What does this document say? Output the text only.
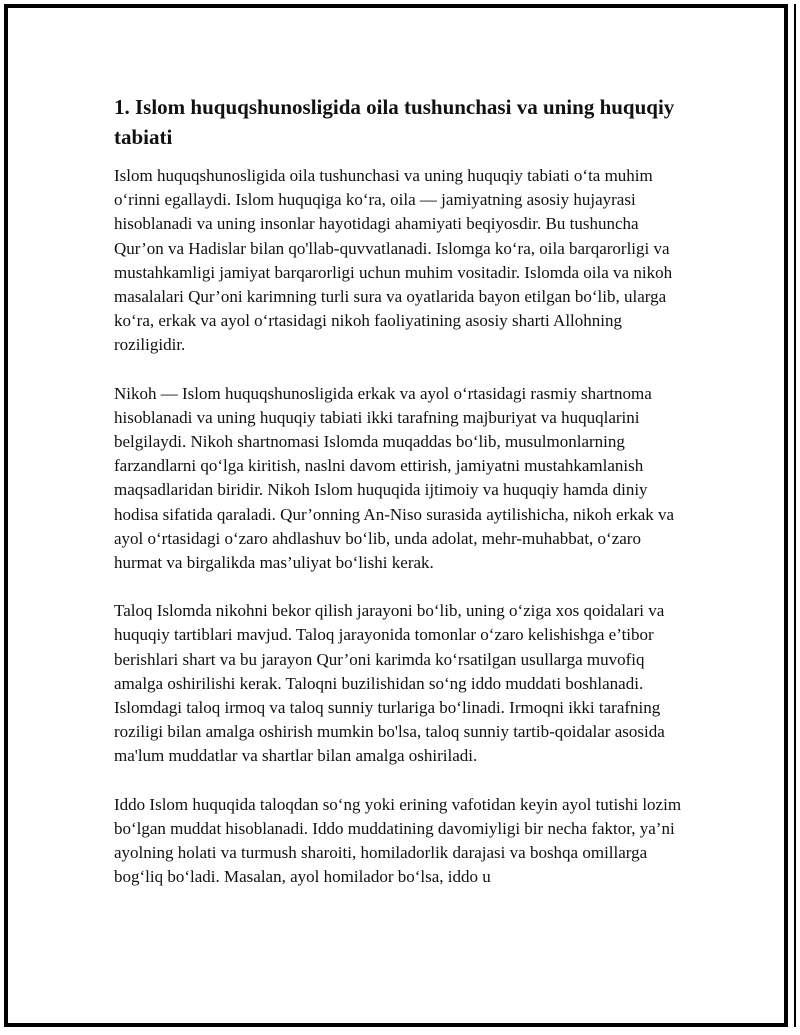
1. Islom huquqshunosligida oila tushunchasi va uning huquqiy tabiati

Islom huquqshunosligida oila tushunchasi va uning huquqiy tabiati o‘ta muhim o‘rinni egallaydi. Islom huquqiga ko‘ra, oila — jamiyatning asosiy hujayrasi hisoblanadi va uning insonlar hayotidagi ahamiyati beqiyosdir. Bu tushuncha Qur’on va Hadislar bilan qo'llab-quvvatlanadi. Islomga ko‘ra, oila barqarorligi va mustahkamligi jamiyat barqarorligi uchun muhim vositadir. Islomda oila va nikoh masalalari Qur’oni karimning turli sura va oyatlarida bayon etilgan bo‘lib, ularga ko‘ra, erkak va ayol o‘rtasidagi nikoh faoliyatining asosiy sharti Allohning roziligidir.

Nikoh — Islom huquqshunosligida erkak va ayol o‘rtasidagi rasmiy shartnoma hisoblanadi va uning huquqiy tabiati ikki tarafning majburiyat va huquqlarini belgilaydi. Nikoh shartnomasi Islomda muqaddas bo‘lib, musulmonlarning farzandlarni qo‘lga kiritish, naslni davom ettirish, jamiyatni mustahkamlanish maqsadlaridan biridir. Nikoh Islom huquqida ijtimoiy va huquqiy hamda diniy hodisa sifatida qaraladi. Qur’onning An-Niso surasida aytilishicha, nikoh erkak va ayol o‘rtasidagi o‘zaro ahdlashuv bo‘lib, unda adolat, mehr-muhabbat, o‘zaro hurmat va birgalikda mas’uliyat bo‘lishi kerak.

Taloq Islomda nikohni bekor qilish jarayoni bo‘lib, uning o‘ziga xos qoidalari va huquqiy tartiblari mavjud. Taloq jarayonida tomonlar o‘zaro kelishishga e’tibor berishlari shart va bu jarayon Qur’oni karimda ko‘rsatilgan usullarga muvofiq amalga oshirilishi kerak. Taloqni buzilishidan so‘ng iddo muddati boshlanadi. Islomdagi taloq irmoq va taloq sunniy turlariga bo‘linadi. Irmoqni ikki tarafning roziligi bilan amalga oshirish mumkin bo'lsa, taloq sunniy tartib-qoidalar asosida ma'lum muddatlar va shartlar bilan amalga oshiriladi.

Iddo Islom huquqida taloqdan so‘ng yoki erining vafotidan keyin ayol tutishi lozim bo‘lgan muddat hisoblanadi. Iddo muddatining davomiyligi bir necha faktor, ya’ni ayolning holati va turmush sharoiti, homiladorlik darajasi va boshqa omillarga bog‘liq bo‘ladi. Masalan, ayol homilador bo‘lsa, iddo u
